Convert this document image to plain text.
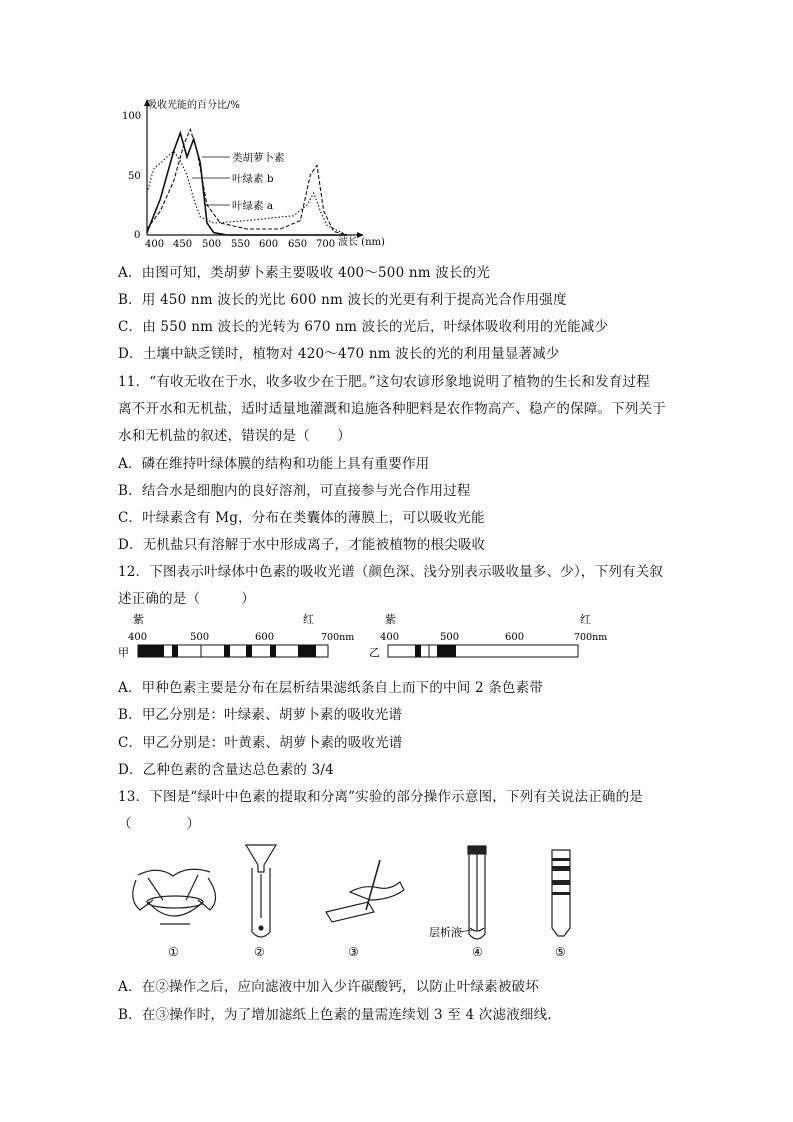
吸收光能的百分比/%
100
50
0
400 450 500 550 600 650 700 波长 (nm)
类胡萝卜素
叶绿素 b
叶绿素 a
A．由图可知，类胡萝卜素主要吸收 400～500 nm 波长的光
B．用 450 nm 波长的光比 600 nm 波长的光更有利于提高光合作用强度
C．由 550 nm 波长的光转为 670 nm 波长的光后，叶绿体吸收利用的光能减少
D．土壤中缺乏镁时，植物对 420～470 nm 波长的光的利用量显著减少
11．“有收无收在于水，收多收少在于肥。”这句农谚形象地说明了植物的生长和发育过程
离不开水和无机盐，适时适量地灌溉和追施各种肥料是农作物高产、稳产的保障。下列关于
水和无机盐的叙述，错误的是（　　）
A．磷在维持叶绿体膜的结构和功能上具有重要作用
B．结合水是细胞内的良好溶剂，可直接参与光合作用过程
C．叶绿素含有 Mg，分布在类囊体的薄膜上，可以吸收光能
D．无机盐只有溶解于水中形成离子，才能被植物的根尖吸收
12．下图表示叶绿体中色素的吸收光谱（颜色深、浅分别表示吸收量多、少），下列有关叙
述正确的是（　　　）
紫	红
400	500	600	700nm
甲
紫	红
400	500	600	700nm
乙
A．甲种色素主要是分布在层析结果滤纸条自上而下的中间 2 条色素带
B．甲乙分别是：叶绿素、胡萝卜素的吸收光谱
C．甲乙分别是：叶黄素、胡萝卜素的吸收光谱
D．乙种色素的含量达总色素的 3/4
13．下图是“绿叶中色素的提取和分离”实验的部分操作示意图，下列有关说法正确的是
（　　　　）
①	②	③
层析液
④	⑤
A．在②操作之后，应向滤液中加入少许碳酸钙，以防止叶绿素被破坏
B．在③操作时，为了增加滤纸上色素的量需连续划 3 至 4 次滤液细线.
